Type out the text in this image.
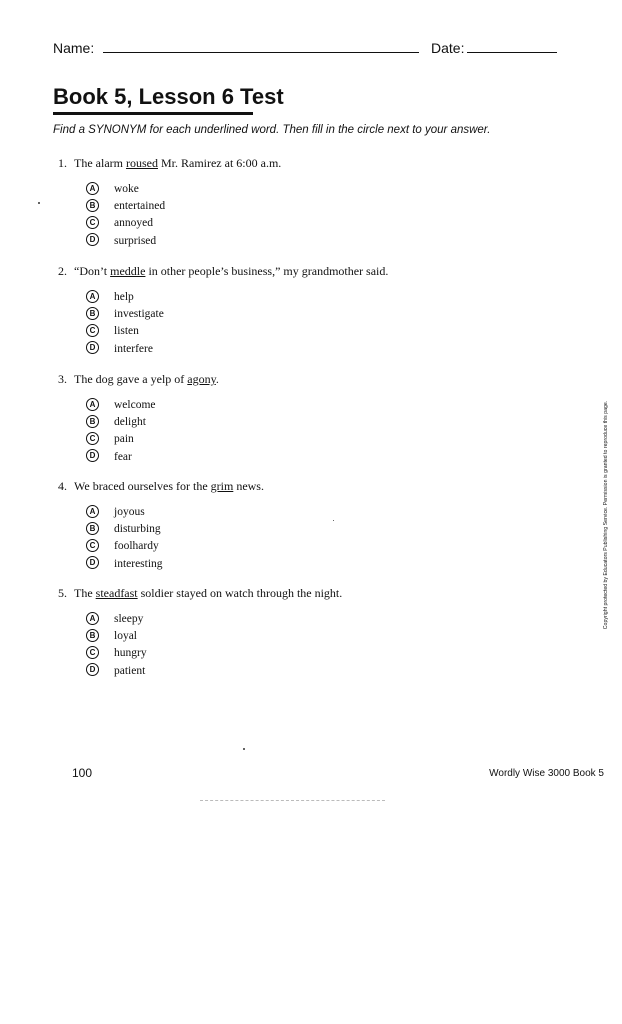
Name:	Date:
Book 5, Lesson 6 Test

Find a SYNONYM for each underlined word. Then fill in the circle next to your answer.

1. The alarm roused Mr. Ramirez at 6:00 a.m.
A woke
B entertained
C annoyed
D surprised
2. “Don’t meddle in other people’s business,” my grandmother said.
A help
B investigate
C listen
D interfere
3. The dog gave a yelp of agony.
A welcome
B delight
C pain
D fear
4. We braced ourselves for the grim news.
A joyous
B disturbing
C foolhardy
D interesting
5. The steadfast soldier stayed on watch through the night.
A sleepy
B loyal
C hungry
D patient
Copyright protected by Educators Publishing Service. Permission is granted to reproduce this page.
100	Wordly Wise 3000 Book 5
